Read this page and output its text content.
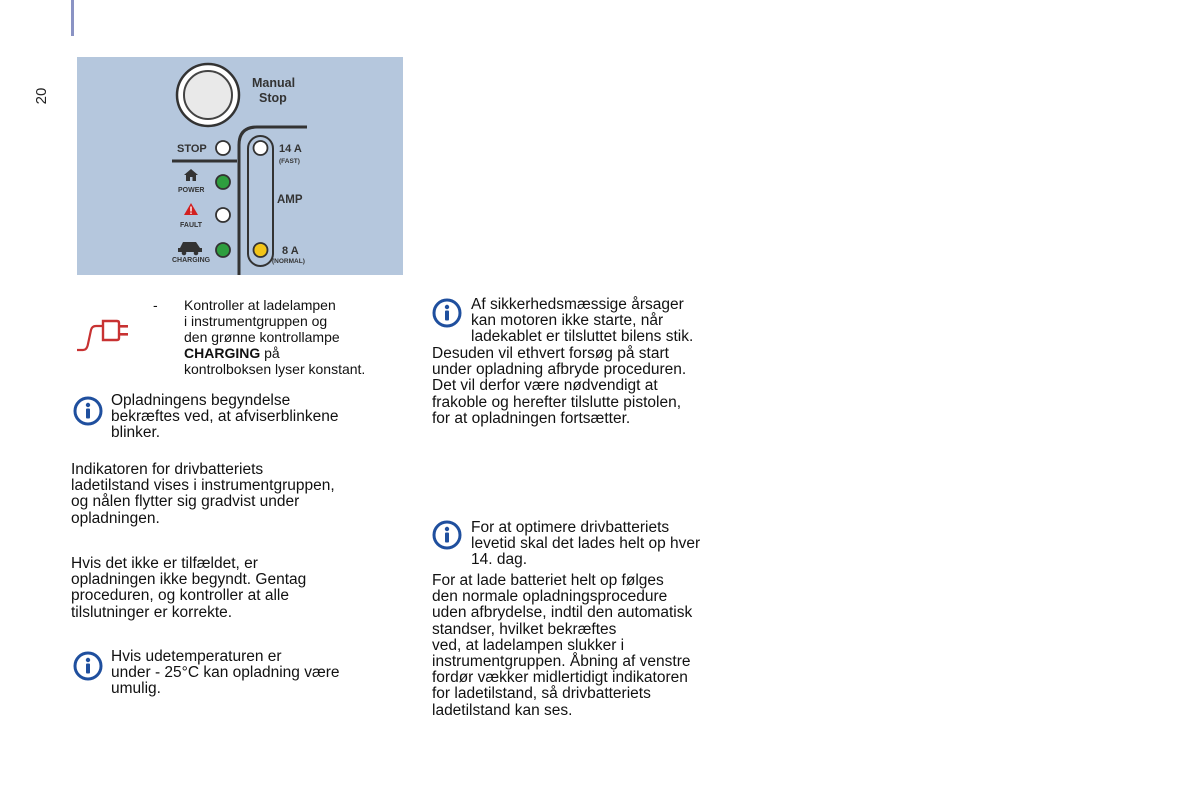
20
Manual
Stop
STOP
POWER
FAULT
CHARGING
14 A
(FAST)
AMP
8 A
(NORMAL)
- Kontroller at ladelampen

i instrumentgruppen og

den grønne kontrollampe

CHARGING på

kontrolboksen lyser konstant.

Opladningens begyndelse

bekræftes ved, at afviserblinkene

blinker.

Indikatoren for drivbatteriets

ladetilstand vises i instrumentgruppen,

og nålen flytter sig gradvist under

opladningen.

Hvis det ikke er tilfældet, er

opladningen ikke begyndt. Gentag

proceduren, og kontroller at alle

tilslutninger er korrekte.

Hvis udetemperaturen er

under - 25°C kan opladning være

umulig.

Af sikkerhedsmæssige årsager

kan motoren ikke starte, når

ladekablet er tilsluttet bilens stik.

Desuden vil ethvert forsøg på start

under opladning afbryde proceduren.

Det vil derfor være nødvendigt at

frakoble og herefter tilslutte pistolen,

for at opladningen fortsætter.

For at optimere drivbatteriets

levetid skal det lades helt op hver

14. dag.

For at lade batteriet helt op følges

den normale opladningsprocedure

uden afbrydelse, indtil den automatisk

standser, hvilket bekræftes

ved, at ladelampen slukker i

instrumentgruppen. Åbning af venstre

fordør vækker midlertidigt indikatoren

for ladetilstand, så drivbatteriets

ladetilstand kan ses.
